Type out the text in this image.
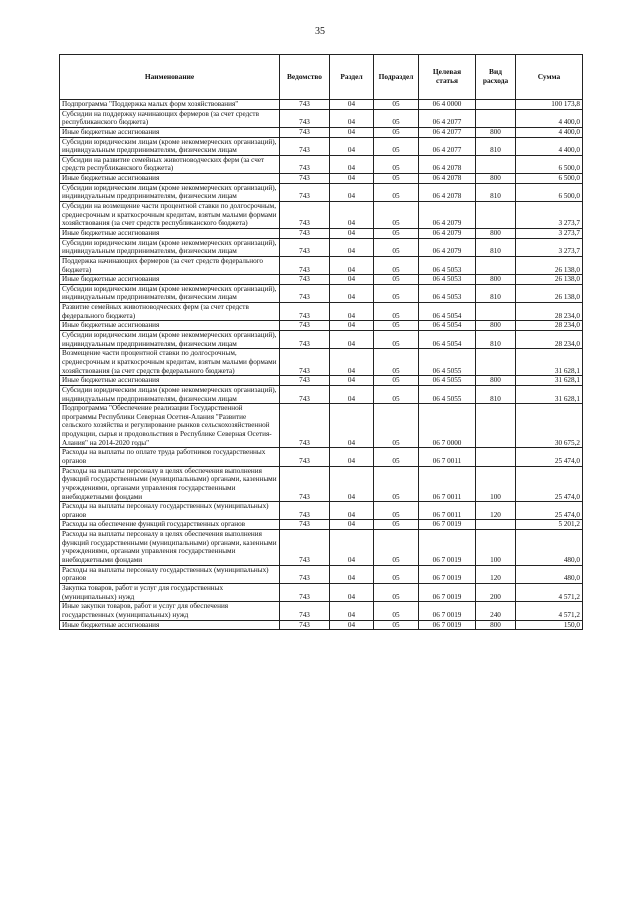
35
Наименование	Ведомство	Раздел	Подраздел	Целевая статья	Вид расхода	Сумма
Подпрограмма "Поддержка малых форм хозяйствования"	743	04	05	06 4 0000		100 173,8
Субсидии на поддержку начинающих фермеров (за счет средств республиканского бюджета)	743	04	05	06 4 2077		4 400,0
Иные бюджетные ассигнования	743	04	05	06 4 2077	800	4 400,0
Субсидии юридическим лицам (кроме некоммерческих организаций), индивидуальным предпринимателям, физическим лицам	743	04	05	06 4 2077	810	4 400,0
Субсидии на развитие семейных животноводческих ферм (за счет средств республиканского бюджета)	743	04	05	06 4 2078		6 500,0
Иные бюджетные ассигнования	743	04	05	06 4 2078	800	6 500,0
Субсидии юридическим лицам (кроме некоммерческих организаций), индивидуальным предпринимателям, физическим лицам	743	04	05	06 4 2078	810	6 500,0
Субсидии на возмещение части процентной ставки по долгосрочным, среднесрочным и краткосрочным кредитам, взятым малыми формами хозяйствования (за счет средств республиканского бюджета)	743	04	05	06 4 2079		3 273,7
Иные бюджетные ассигнования	743	04	05	06 4 2079	800	3 273,7
Субсидии юридическим лицам (кроме некоммерческих организаций), индивидуальным предпринимателям, физическим лицам	743	04	05	06 4 2079	810	3 273,7
Поддержка начинающих фермеров (за счет средств федерального бюджета)	743	04	05	06 4 5053		26 138,0
Иные бюджетные ассигнования	743	04	05	06 4 5053	800	26 138,0
Субсидии юридическим лицам (кроме некоммерческих организаций), индивидуальным предпринимателям, физическим лицам	743	04	05	06 4 5053	810	26 138,0
Развитие семейных животноводческих ферм (за счет средств федерального бюджета)	743	04	05	06 4 5054		28 234,0
Иные бюджетные ассигнования	743	04	05	06 4 5054	800	28 234,0
Субсидии юридическим лицам (кроме некоммерческих организаций), индивидуальным предпринимателям, физическим лицам	743	04	05	06 4 5054	810	28 234,0
Возмещение части процентной ставки по долгосрочным, среднесрочным и краткосрочным кредитам, взятым малыми формами хозяйствования (за счет средств федерального бюджета)	743	04	05	06 4 5055		31 628,1
Иные бюджетные ассигнования	743	04	05	06 4 5055	800	31 628,1
Субсидии юридическим лицам (кроме некоммерческих организаций), индивидуальным предпринимателям, физическим лицам	743	04	05	06 4 5055	810	31 628,1
Подпрограмма "Обеспечение реализации Государственной программы Республики Северная Осетия-Алания "Развитие сельского хозяйства и регулирование рынков сельскохозяйственной продукции, сырья и продовольствия в Республике Северная Осетия-Алания" на 2014-2020 годы"	743	04	05	06 7 0000		30 675,2
Расходы на выплаты по оплате труда работников государственных органов	743	04	05	06 7 0011		25 474,0
Расходы на выплаты персоналу в целях обеспечения выполнения функций государственными (муниципальными) органами, казенными учреждениями, органами управления государственными внебюджетными фондами	743	04	05	06 7 0011	100	25 474,0
Расходы на выплаты персоналу государственных (муниципальных) органов	743	04	05	06 7 0011	120	25 474,0
Расходы на обеспечение функций государственных органов	743	04	05	06 7 0019		5 201,2
Расходы на выплаты персоналу в целях обеспечения выполнения функций государственными (муниципальными) органами, казенными учреждениями, органами управления государственными внебюджетными фондами	743	04	05	06 7 0019	100	480,0
Расходы на выплаты персоналу государственных (муниципальных) органов	743	04	05	06 7 0019	120	480,0
Закупка товаров, работ и услуг для государственных (муниципальных) нужд	743	04	05	06 7 0019	200	4 571,2
Иные закупки товаров, работ и услуг для обеспечения государственных (муниципальных) нужд	743	04	05	06 7 0019	240	4 571,2
Иные бюджетные ассигнования	743	04	05	06 7 0019	800	150,0
